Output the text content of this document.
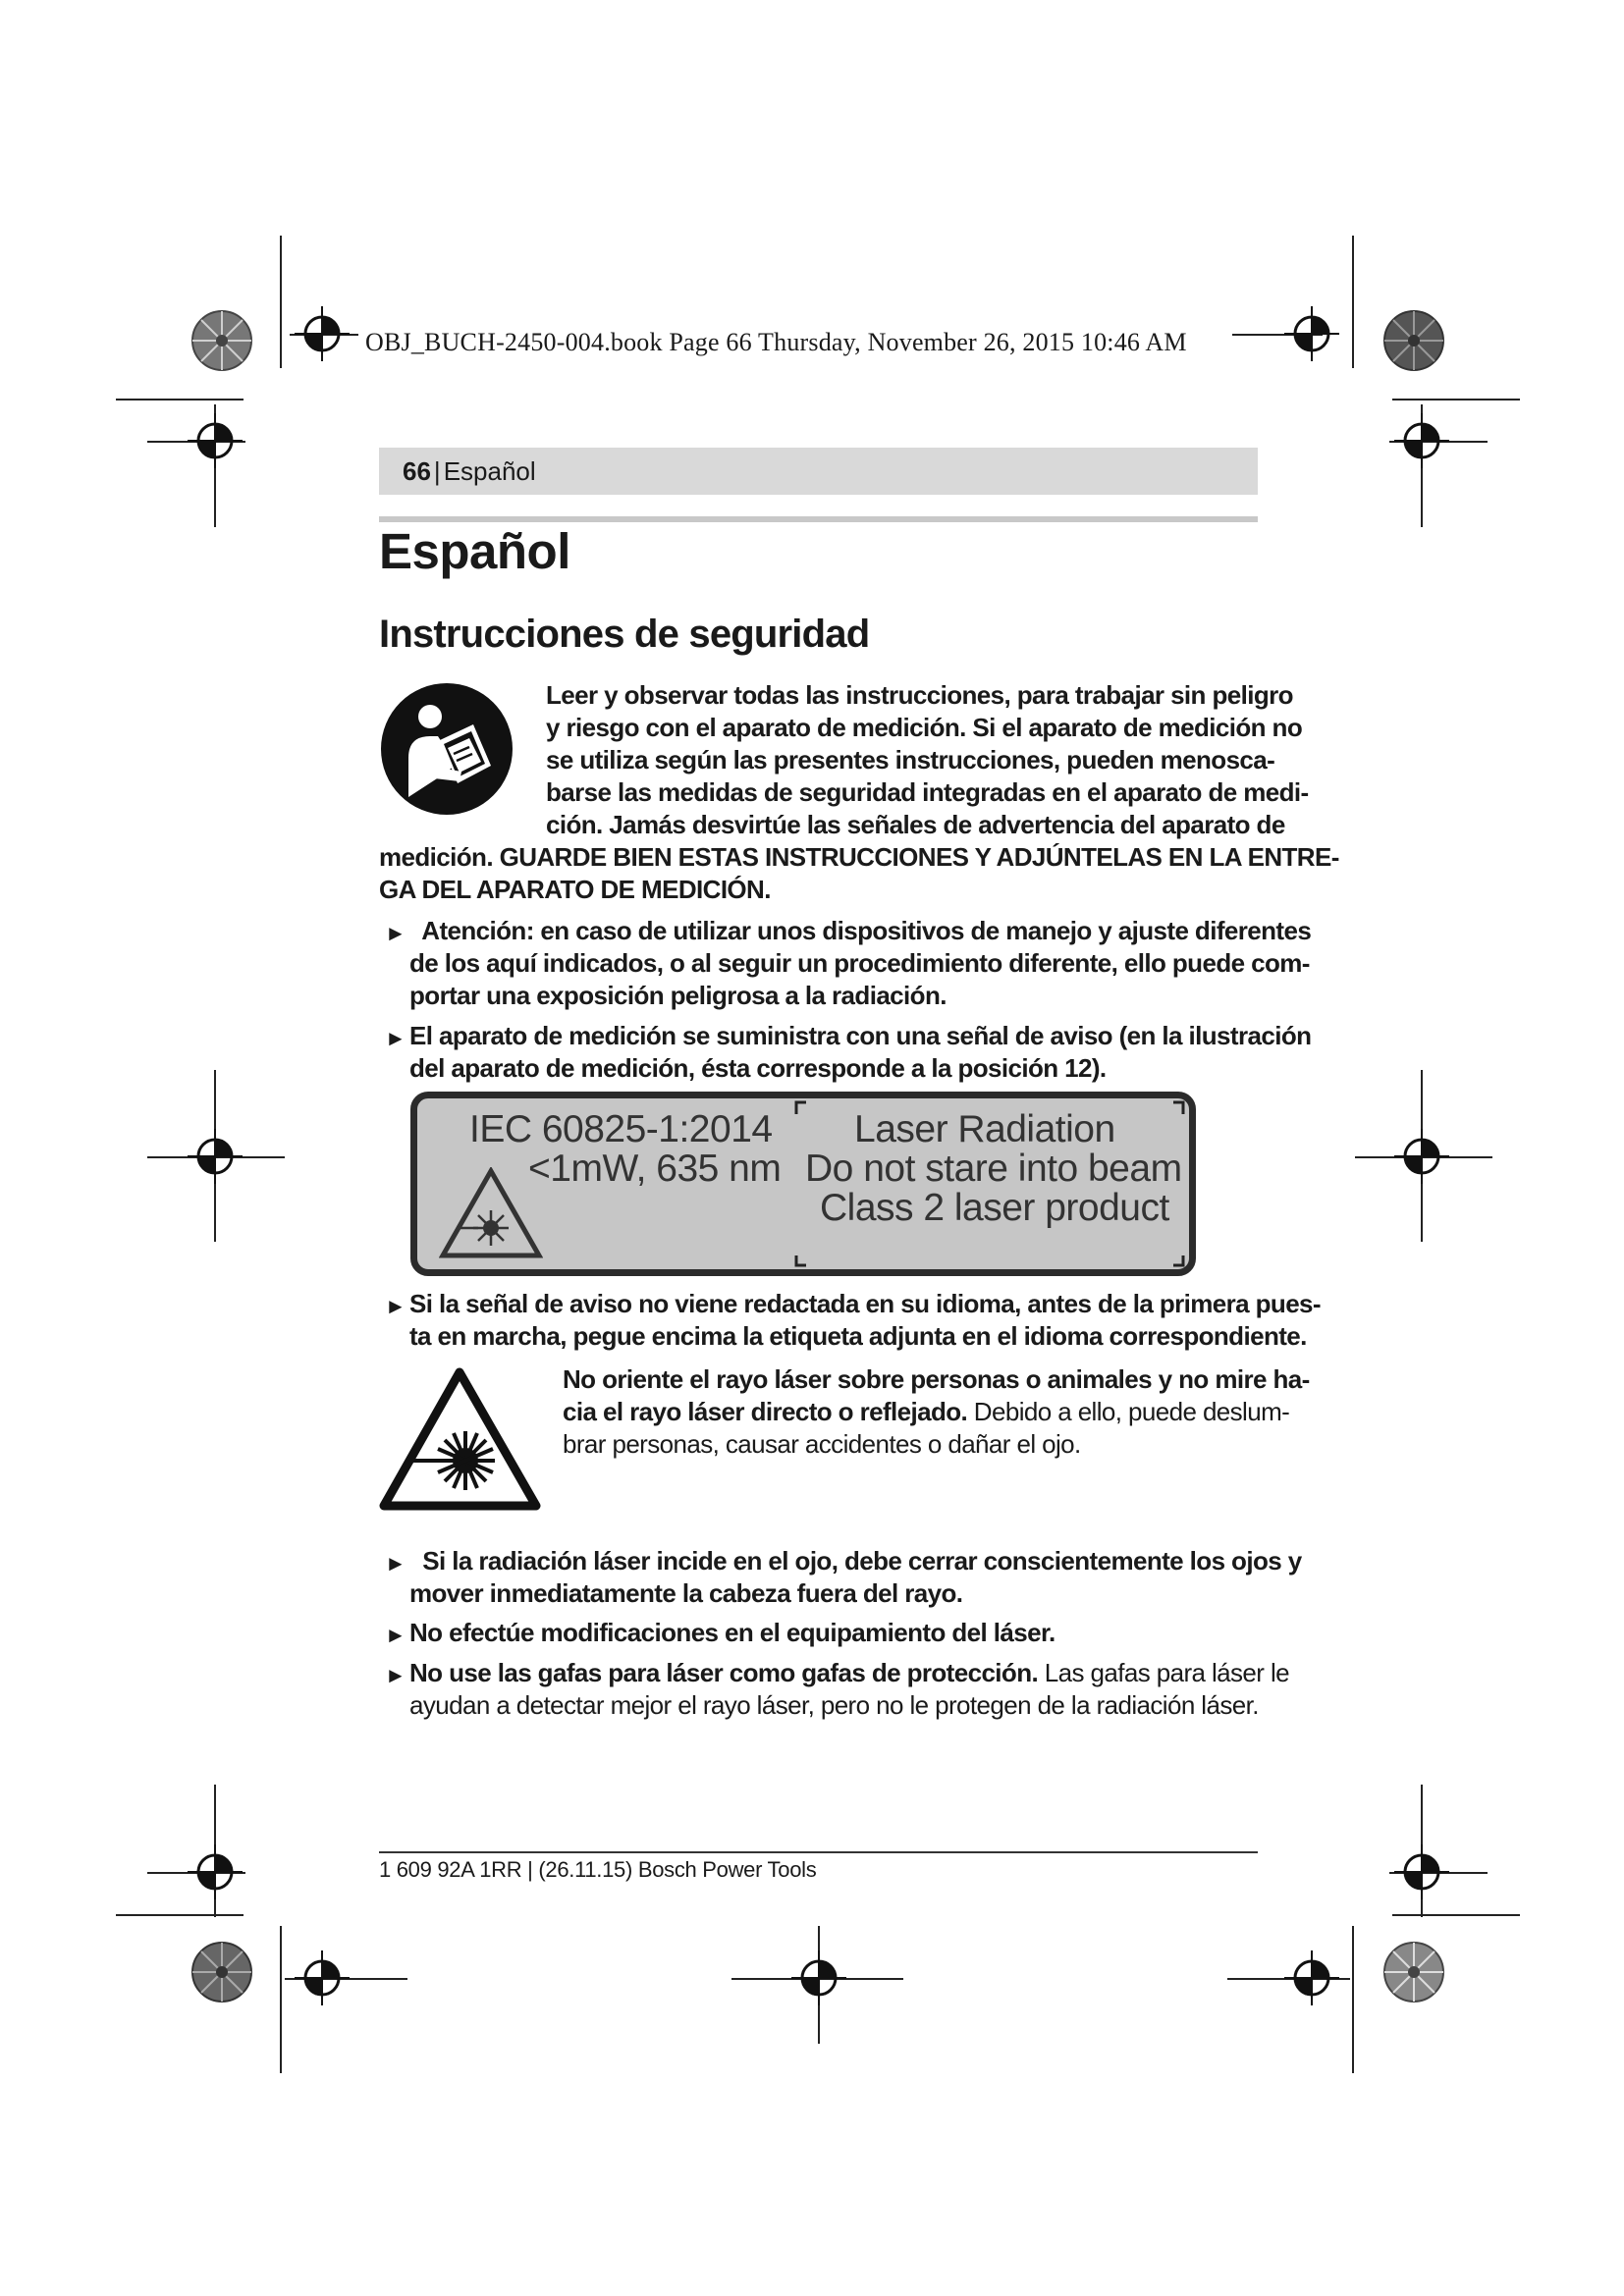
OBJ_BUCH-2450-004.book Page 66 Thursday, November 26, 2015 10:46 AM
66 | Español
Español
Instrucciones de seguridad
Leer y observar todas las instrucciones, para trabajar sin peligro
y riesgo con el aparato de medición. Si el aparato de medición no
se utiliza según las presentes instrucciones, pueden menosca-
barse las medidas de seguridad integradas en el aparato de medi-
ción. Jamás desvirtúe las señales de advertencia del aparato de
medición. GUARDE BIEN ESTAS INSTRUCCIONES Y ADJÚNTELAS EN LA ENTRE-
GA DEL APARATO DE MEDICIÓN.
► Atención: en caso de utilizar unos dispositivos de manejo y ajuste diferentes
de los aquí indicados, o al seguir un procedimiento diferente, ello puede com-
portar una exposición peligrosa a la radiación.
► El aparato de medición se suministra con una señal de aviso (en la ilustración
del aparato de medición, ésta corresponde a la posición 12).
IEC 60825-1:2014
<1mW, 635 nm
Laser Radiation
Do not stare into beam
Class 2 laser product
► Si la señal de aviso no viene redactada en su idioma, antes de la primera pues-
ta en marcha, pegue encima la etiqueta adjunta en el idioma correspondiente.
No oriente el rayo láser sobre personas o animales y no mire ha-
cia el rayo láser directo o reflejado. Debido a ello, puede deslum-
brar personas, causar accidentes o dañar el ojo.
► Si la radiación láser incide en el ojo, debe cerrar conscientemente los ojos y
mover inmediatamente la cabeza fuera del rayo.
► No efectúe modificaciones en el equipamiento del láser.
► No use las gafas para láser como gafas de protección. Las gafas para láser le
ayudan a detectar mejor el rayo láser, pero no le protegen de la radiación láser.
1 609 92A 1RR | (26.11.15) Bosch Power Tools
